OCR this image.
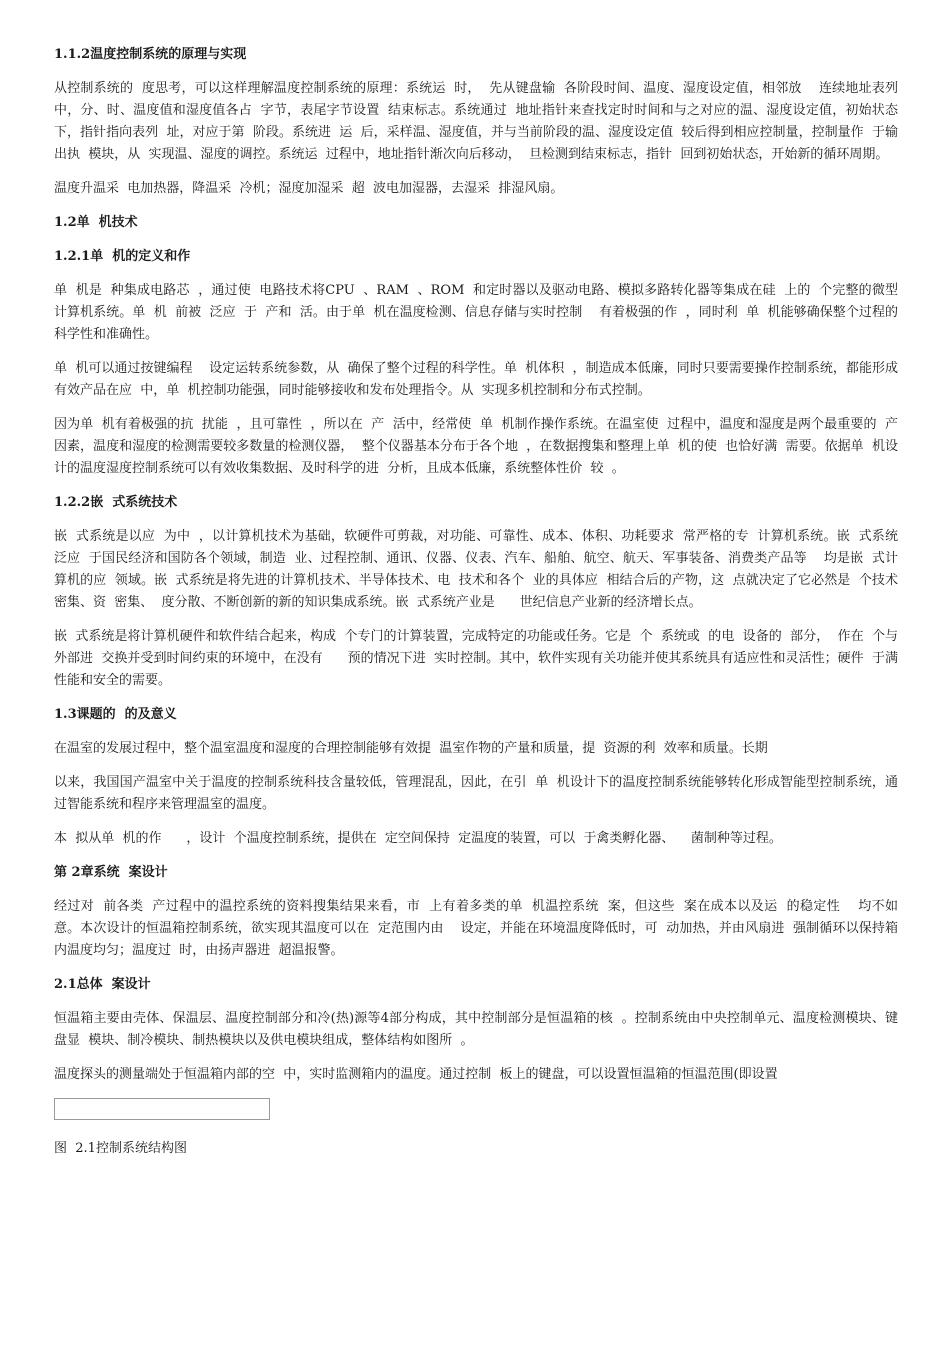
1.1.2温度控制系统的原理与实现

从控制系统的  度思考，可以这样理解温度控制系统的原理：系统运  时，  先从键盘输  各阶段时间、温度、湿度设定值，相邻放    连续地址表列中，分、时、温度值和湿度值各占  字节，表尾字节设置  结束标志。系统通过  地址指针来查找定时时间和与之对应的温、湿度设定值，初始状态下，指针指向表列  址，对应于第  阶段。系统进  运  后，采样温、湿度值，并与当前阶段的温、湿度设定值  较后得到相应控制量，控制量作  于输出执  模块，从  实现温、湿度的调控。系统运  过程中，地址指针渐次向后移动，  旦检测到结束标志，指针  回到初始状态，开始新的循环周期。

温度升温采  电加热器，降温采  冷机；湿度加湿采  超  波电加湿器，去湿采  排湿风扇。

1.2单  机技术
1.2.1单  机的定义和作

单  机是  种集成电路芯  ，通过使  电路技术将CPU  、RAM  、ROM  和定时器以及驱动电路、模拟多路转化器等集成在硅  上的  个完整的微型计算机系统。单  机  前被  泛应  于  产和  活。由于单  机在温度检测、信息存储与实时控制    有着极强的作  ，同时利  单  机能够确保整个过程的科学性和准确性。

单  机可以通过按键编程    设定运转系统参数，从  确保了整个过程的科学性。单  机体积  ，制造成本低廉，同时只要需要操作控制系统，都能形成有效产品在应  中，单  机控制功能强，同时能够接收和发布处理指令。从  实现多机控制和分布式控制。

因为单  机有着极强的抗  扰能  ，且可靠性  ，所以在  产  活中，经常使  单  机制作操作系统。在温室使  过程中，温度和湿度是两个最重要的  产因素，温度和湿度的检测需要较多数量的检测仪器，  整个仪器基本分布于各个地  ，在数据搜集和整理上单  机的使  也恰好满  需要。依据单  机设计的温度湿度控制系统可以有效收集数据、及时科学的进  分析，且成本低廉，系统整体性价  较  。

1.2.2嵌  式系统技术

嵌  式系统是以应  为中  ，以计算机技术为基础，软硬件可剪裁，对功能、可靠性、成本、体积、功耗要求  常严格的专  计算机系统。嵌  式系统  泛应  于国民经济和国防各个领域，制造  业、过程控制、通讯、仪器、仪表、汽车、船舶、航空、航天、军事装备、消费类产品等    均是嵌  式计算机的应  领域。嵌  式系统是将先进的计算机技术、半导体技术、电  技术和各个  业的具体应  相结合后的产物，这  点就决定了它必然是  个技术密集、资  密集、  度分散、不断创新的新的知识集成系统。嵌  式系统产业是      世纪信息产业新的经济增长点。

嵌  式系统是将计算机硬件和软件结合起来，构成  个专门的计算装置，完成特定的功能或任务。它是  个  系统或  的电  设备的  部分，  作在  个与外部进  交换并受到时间约束的环境中，在没有      预的情况下进  实时控制。其中，软件实现有关功能并使其系统具有适应性和灵活性；硬件  于满  性能和安全的需要。

1.3课题的  的及意义

在温室的发展过程中，整个温室温度和湿度的合理控制能够有效提  温室作物的产量和质量，提  资源的利  效率和质量。长期

以来，我国国产温室中关于温度的控制系统科技含量较低，管理混乱，因此，在引  单  机设计下的温度控制系统能够转化形成智能型控制系统，通过智能系统和程序来管理温室的温度。

本  拟从单  机的作      ，设计  个温度控制系统，提供在  定空间保持  定温度的装置，可以  于禽类孵化器、    菌制种等过程。

第 2章系统  案设计

经过对  前各类  产过程中的温控系统的资料搜集结果来看，市  上有着多类的单  机温控系统  案，但这些  案在成本以及运  的稳定性    均不如  意。本次设计的恒温箱控制系统，欲实现其温度可以在  定范围内由    设定，并能在环境温度降低时，可  动加热，并由风扇进  强制循环以保持箱内温度均匀；温度过  时，由扬声器进  超温报警。

2.1总体  案设计

恒温箱主要由壳体、保温层、温度控制部分和冷(热)源等4部分构成，其中控制部分是恒温箱的核  。控制系统由中央控制单元、温度检测模块、键盘显  模块、制冷模块、制热模块以及供电模块组成，整体结构如图所  。

温度探头的测量端处于恒温箱内部的空  中，实时监测箱内的温度。通过控制  板上的键盘，可以设置恒温箱的恒温范围(即设置

图  2.1控制系统结构图
